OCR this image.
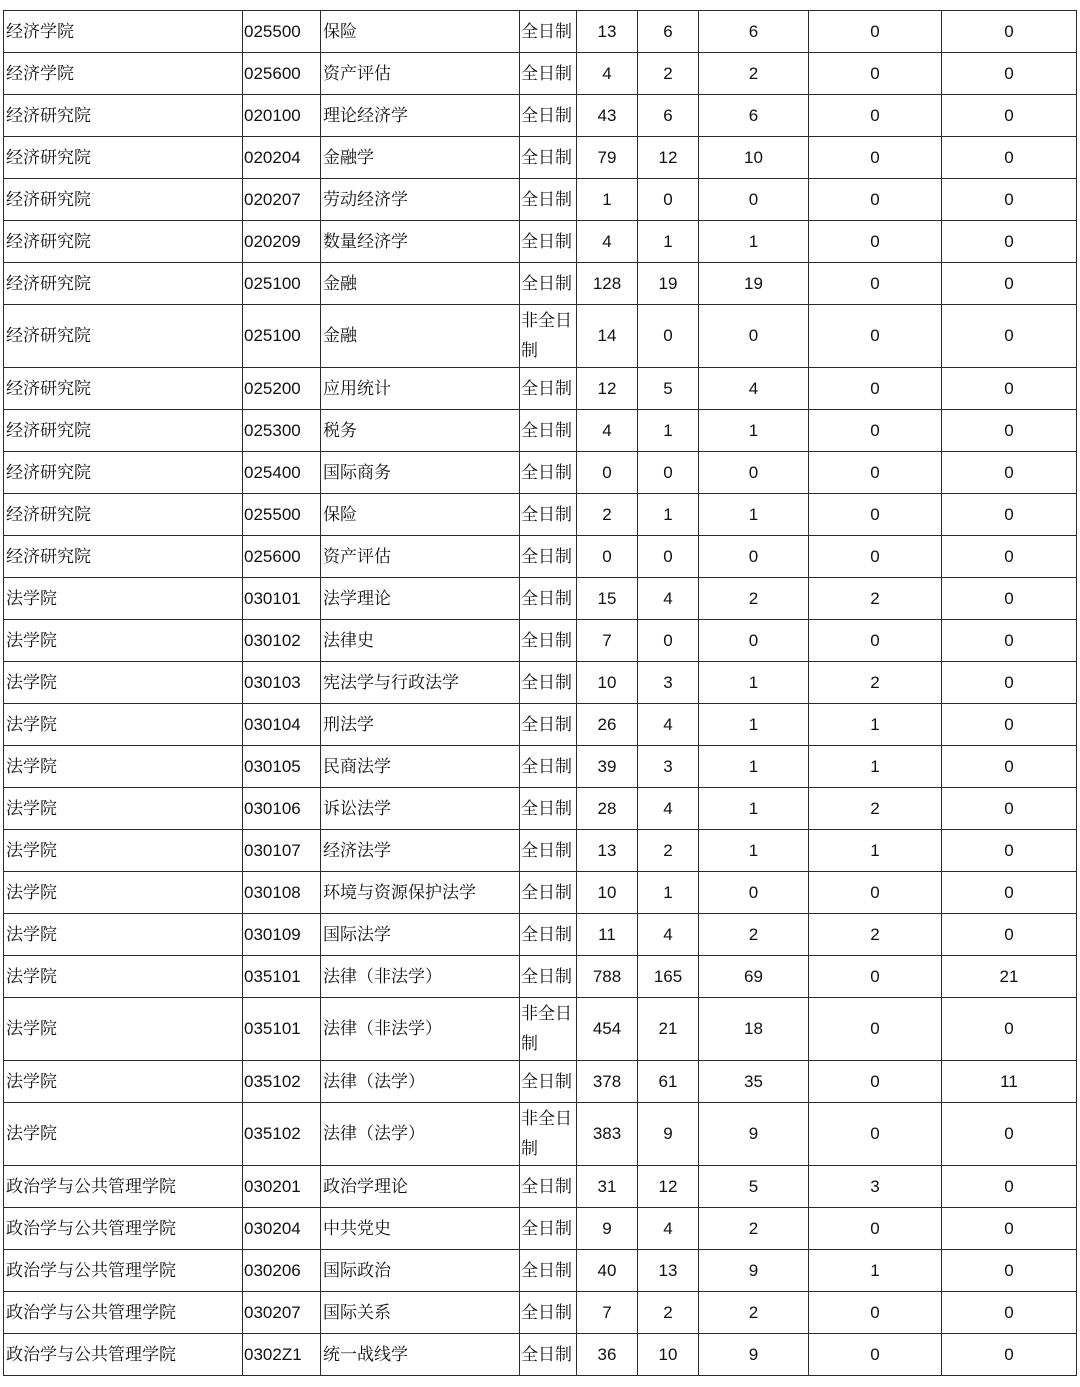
经济学院	025500	保险	全日制	13	6	6	0	0
经济学院	025600	资产评估	全日制	4	2	2	0	0
经济研究院	020100	理论经济学	全日制	43	6	6	0	0
经济研究院	020204	金融学	全日制	79	12	10	0	0
经济研究院	020207	劳动经济学	全日制	1	0	0	0	0
经济研究院	020209	数量经济学	全日制	4	1	1	0	0
经济研究院	025100	金融	全日制	128	19	19	0	0
经济研究院	025100	金融	非全日制	14	0	0	0	0
经济研究院	025200	应用统计	全日制	12	5	4	0	0
经济研究院	025300	税务	全日制	4	1	1	0	0
经济研究院	025400	国际商务	全日制	0	0	0	0	0
经济研究院	025500	保险	全日制	2	1	1	0	0
经济研究院	025600	资产评估	全日制	0	0	0	0	0
法学院	030101	法学理论	全日制	15	4	2	2	0
法学院	030102	法律史	全日制	7	0	0	0	0
法学院	030103	宪法学与行政法学	全日制	10	3	1	2	0
法学院	030104	刑法学	全日制	26	4	1	1	0
法学院	030105	民商法学	全日制	39	3	1	1	0
法学院	030106	诉讼法学	全日制	28	4	1	2	0
法学院	030107	经济法学	全日制	13	2	1	1	0
法学院	030108	环境与资源保护法学	全日制	10	1	0	0	0
法学院	030109	国际法学	全日制	11	4	2	2	0
法学院	035101	法律（非法学）	全日制	788	165	69	0	21
法学院	035101	法律（非法学）	非全日制	454	21	18	0	0
法学院	035102	法律（法学）	全日制	378	61	35	0	11
法学院	035102	法律（法学）	非全日制	383	9	9	0	0
政治学与公共管理学院	030201	政治学理论	全日制	31	12	5	3	0
政治学与公共管理学院	030204	中共党史	全日制	9	4	2	0	0
政治学与公共管理学院	030206	国际政治	全日制	40	13	9	1	0
政治学与公共管理学院	030207	国际关系	全日制	7	2	2	0	0
政治学与公共管理学院	0302Z1	统一战线学	全日制	36	10	9	0	0
